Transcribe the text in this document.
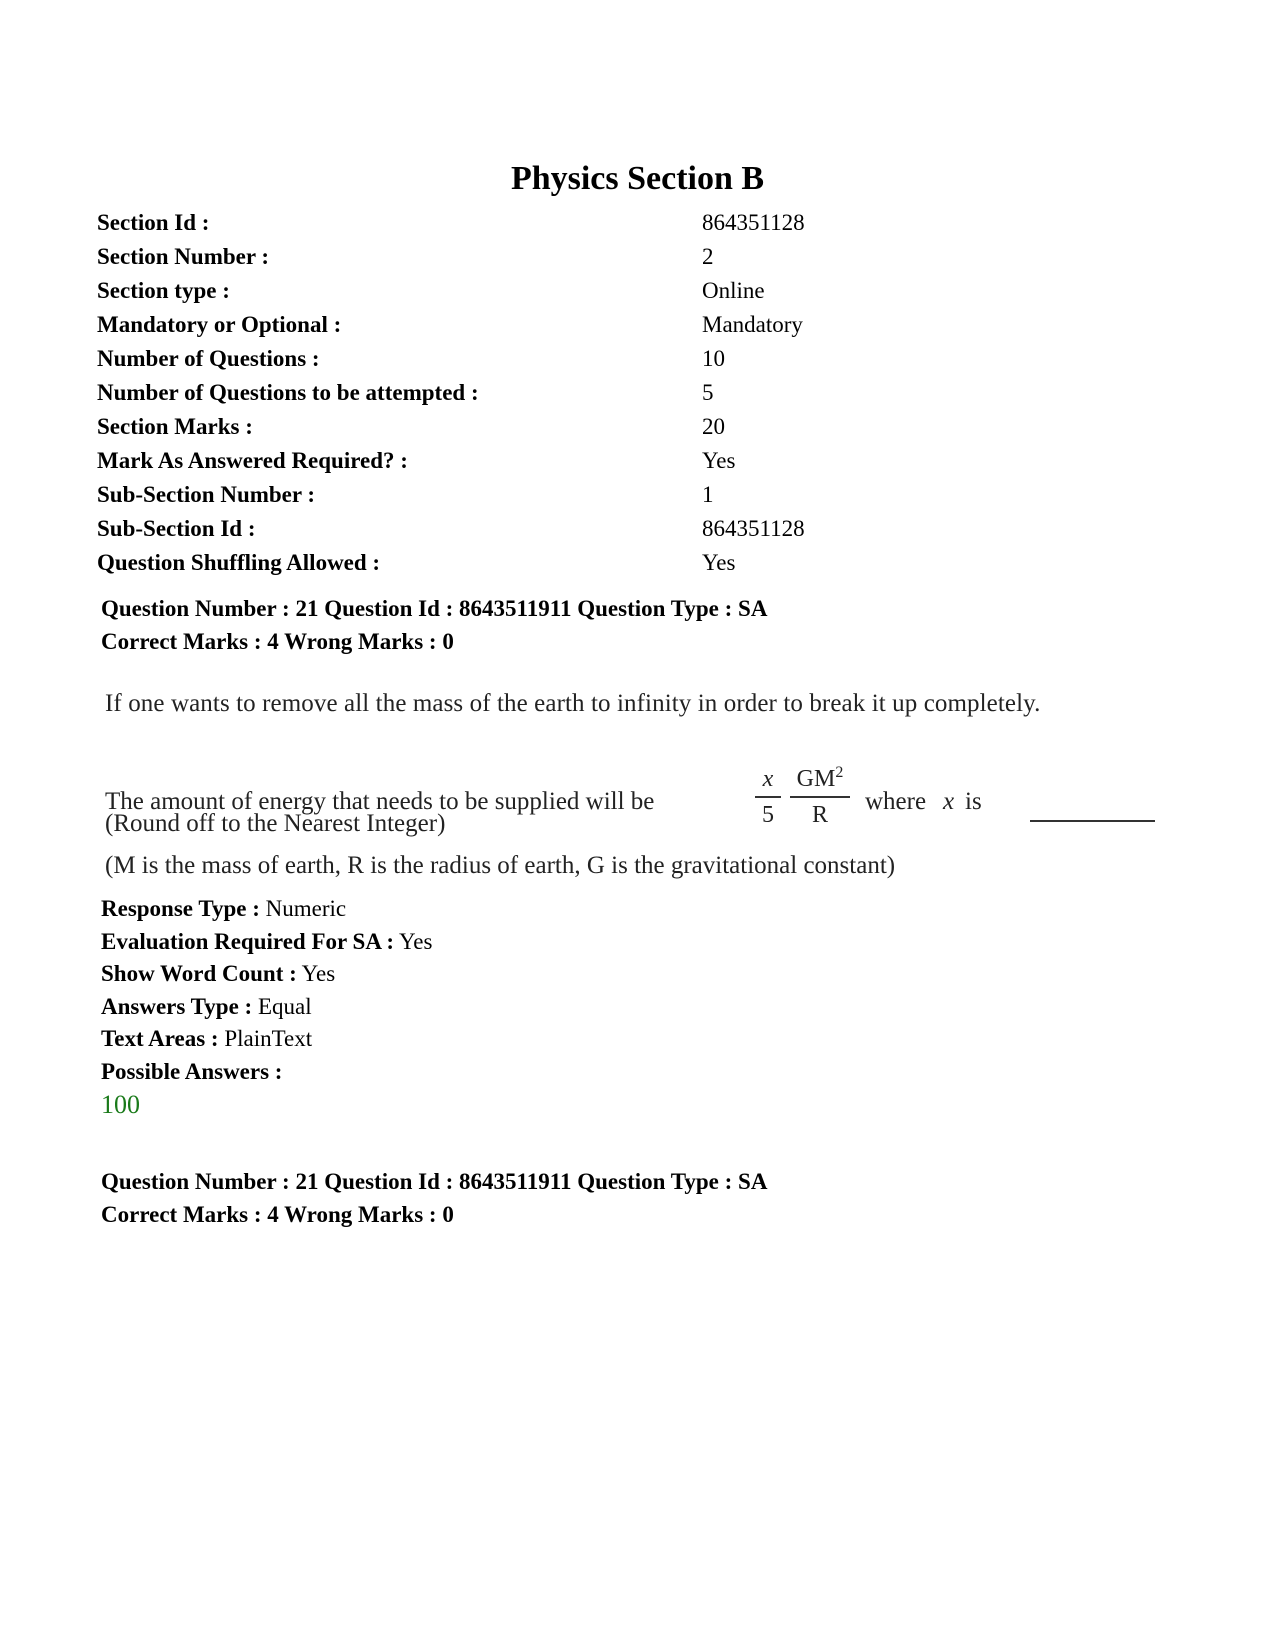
Physics Section B
Section Id :	864351128
Section Number :	2
Section type :	Online
Mandatory or Optional :	Mandatory
Number of Questions :	10
Number of Questions to be attempted :	5
Section Marks :	20
Mark As Answered Required? :	Yes
Sub-Section Number :	1
Sub-Section Id :	864351128
Question Shuffling Allowed :	Yes
Question Number : 21 Question Id : 8643511911 Question Type : SA
Correct Marks : 4 Wrong Marks : 0
If one wants to remove all the mass of the earth to infinity in order to break it up completely.
The amount of energy that needs to be supplied will be	$\frac{x}{5} \frac{GM^2}{R}$ where x is
(Round off to the Nearest Integer)
(M is the mass of earth, R is the radius of earth, G is the gravitational constant)
Response Type : Numeric
Evaluation Required For SA : Yes
Show Word Count : Yes
Answers Type : Equal
Text Areas : PlainText
Possible Answers :
100
Question Number : 21 Question Id : 8643511911 Question Type : SA
Correct Marks : 4 Wrong Marks : 0
